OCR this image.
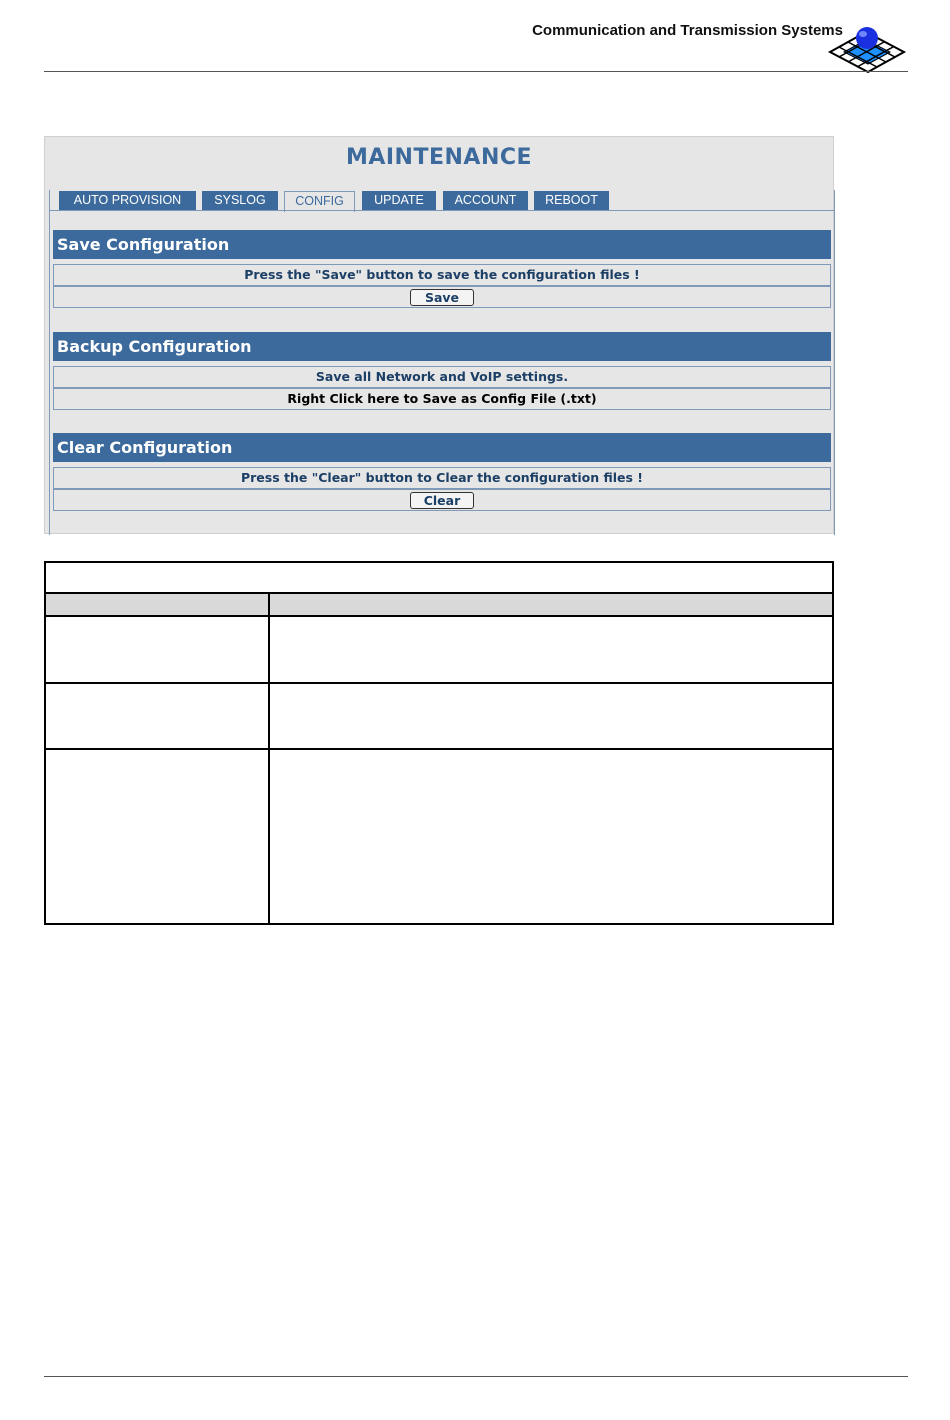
Communication and Transmission Systems
MAINTENANCE
AUTO PROVISION	SYSLOG	CONFIG	UPDATE	ACCOUNT	REBOOT
Save Configuration
Press the "Save" button to save the configuration files !
Save
Backup Configuration
Save all Network and VoIP settings.
Right Click here to Save as Config File (.txt)
Clear Configuration
Press the "Clear" button to Clear the configuration files !
Clear
